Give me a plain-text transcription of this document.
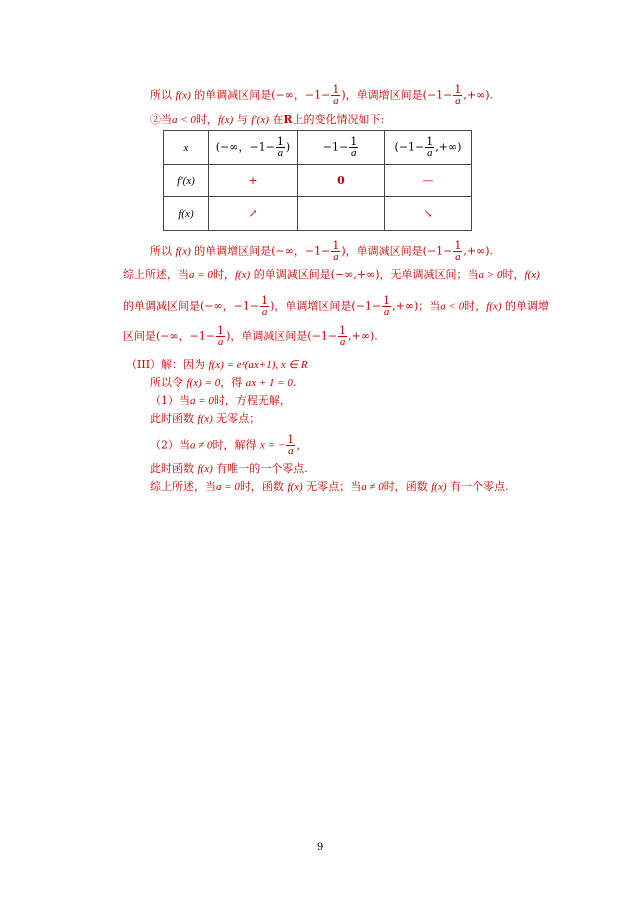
所以 f(x) 的单调减区间是(−∞，$-1- \frac{1}{a}$ )，单调增区间是($-1- \frac{1}{a}$ ,+∞).
②当a < 0时，f(x) 与 f′(x) 在R上的变化情况如下:
x	(−∞，$-1- \frac{1}{a}$ )	$-1- \frac{1}{a}$	($-1- \frac{1}{a}$ ,+∞)
f′(x)	+	0	—
f(x)	↗		↘
所以 f(x) 的单调增区间是(−∞，$-1- \frac{1}{a}$ )，单调减区间是($-1- \frac{1}{a}$ ,+∞).
综上所述，当a = 0时，f(x) 的单调减区间是(−∞,+∞)，无单调减区间；当a > 0时，f(x)
的单调减区间是(−∞，$-1- \frac{1}{a}$ )，单调增区间是($-1- \frac{1}{a}$ ,+∞)；当a < 0时，f(x) 的单调增
区间是(−∞，$-1- \frac{1}{a}$ )，单调减区间是($-1- \frac{1}{a}$ ,+∞).
（III）解：因为 f(x) = eˣ(ax+1), x ∈ R
所以令 f(x) = 0，得 ax + 1 = 0.
（1）当a = 0时，方程无解，
此时函数 f(x) 无零点；
（2）当a ≠ 0时，解得 x = − $\frac{1}{a}$ ，
此时函数 f(x) 有唯一的一个零点.
综上所述，当a = 0时，函数 f(x) 无零点；当a ≠ 0时，函数 f(x) 有一个零点.
9
